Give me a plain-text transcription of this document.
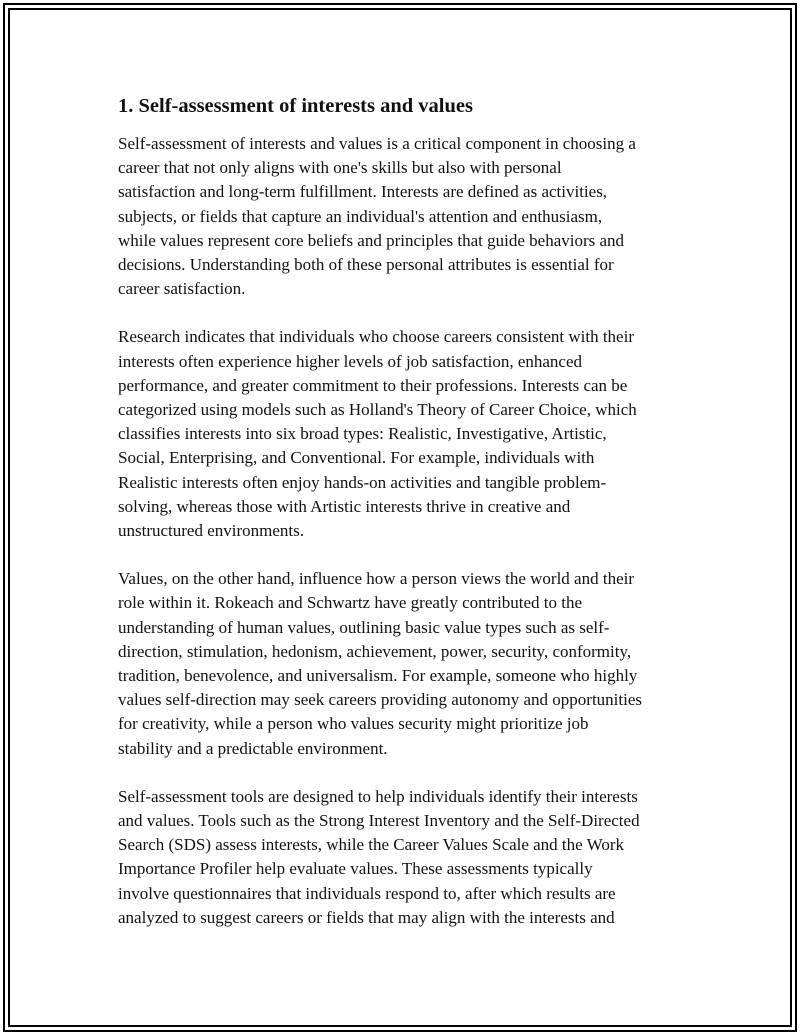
1. Self-assessment of interests and values
Self-assessment of interests and values is a critical component in choosing a
career that not only aligns with one's skills but also with personal
satisfaction and long-term fulfillment. Interests are defined as activities,
subjects, or fields that capture an individual's attention and enthusiasm,
while values represent core beliefs and principles that guide behaviors and
decisions. Understanding both of these personal attributes is essential for
career satisfaction.
Research indicates that individuals who choose careers consistent with their
interests often experience higher levels of job satisfaction, enhanced
performance, and greater commitment to their professions. Interests can be
categorized using models such as Holland's Theory of Career Choice, which
classifies interests into six broad types: Realistic, Investigative, Artistic,
Social, Enterprising, and Conventional. For example, individuals with
Realistic interests often enjoy hands-on activities and tangible problem-
solving, whereas those with Artistic interests thrive in creative and
unstructured environments.
Values, on the other hand, influence how a person views the world and their
role within it. Rokeach and Schwartz have greatly contributed to the
understanding of human values, outlining basic value types such as self-
direction, stimulation, hedonism, achievement, power, security, conformity,
tradition, benevolence, and universalism. For example, someone who highly
values self-direction may seek careers providing autonomy and opportunities
for creativity, while a person who values security might prioritize job
stability and a predictable environment.
Self-assessment tools are designed to help individuals identify their interests
and values. Tools such as the Strong Interest Inventory and the Self-Directed
Search (SDS) assess interests, while the Career Values Scale and the Work
Importance Profiler help evaluate values. These assessments typically
involve questionnaires that individuals respond to, after which results are
analyzed to suggest careers or fields that may align with the interests and
